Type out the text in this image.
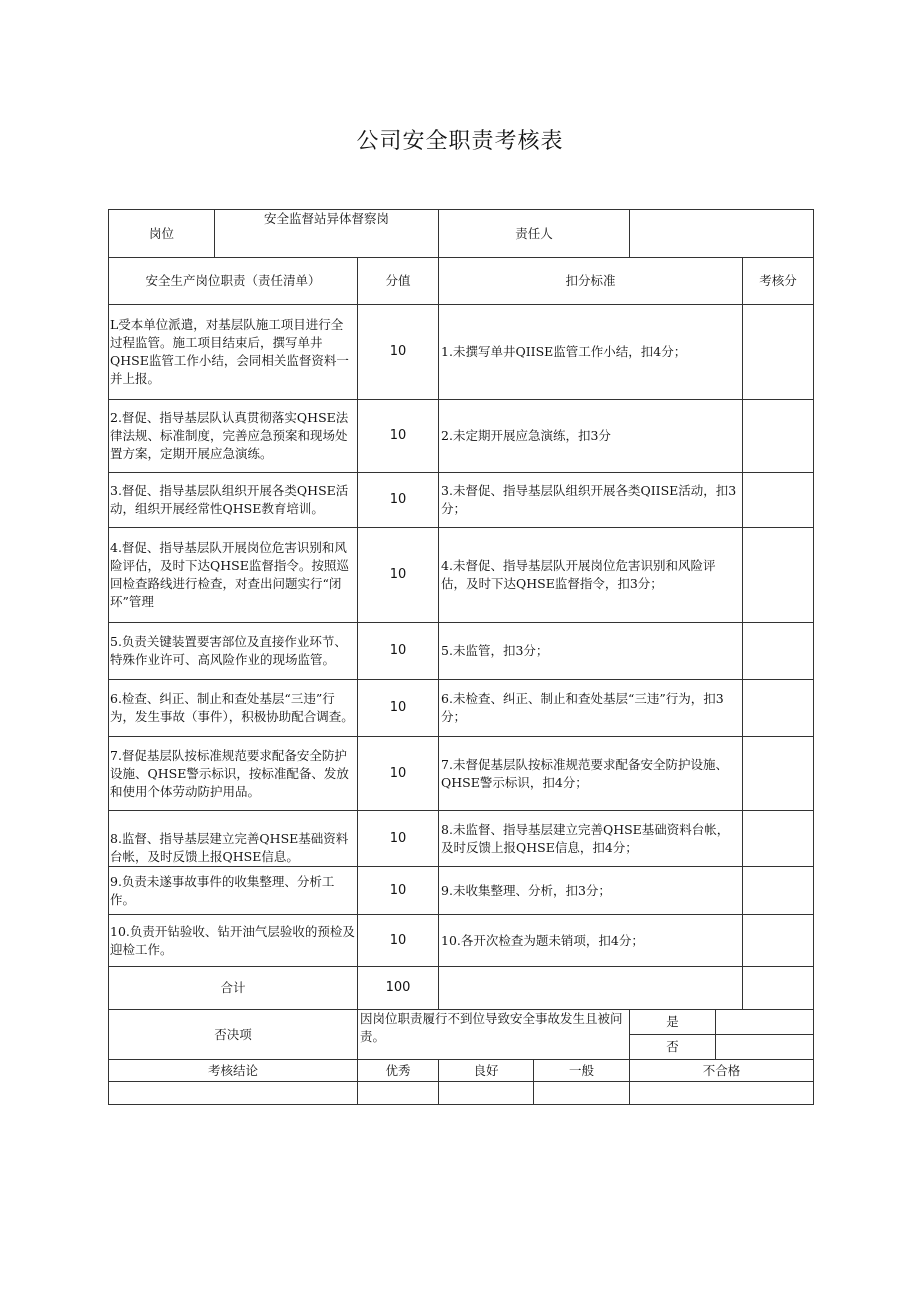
公司安全职责考核表
岗位	安全监督站异体督察岗		责任人				
安全生产岗位职责（责任清单）		分值	扣分标准				考核分
L受本单位派遣，对基层队施工项目进行全过程监管。施工项目结束后，撰写单井QHSE监管工作小结，会同相关监督资料一并上报。		10	1.未撰写单井QIISE监管工作小结，扣4分；				
2.督促、指导基层队认真贯彻落实QHSE法律法规、标准制度，完善应急预案和现场处置方案，定期开展应急演练。		10	2.未定期开展应急演练，扣3分				
3.督促、指导基层队组织开展各类QHSE活动，组织开展经常性QHSE教育培训。		10	3.未督促、指导基层队组织开展各类QIISE活动，扣3分；				
4.督促、指导基层队开展岗位危害识别和风险评估，及时下达QHSE监督指令。按照巡回检查路线进行检查，对查出问题实行“闭环”管理		10	4.未督促、指导基层队开展岗位危害识别和风险评估，及时下达QHSE监督指令，扣3分；				
5.负责关键装置要害部位及直接作业环节、特殊作业许可、高风险作业的现场监管。		10	5.未监管，扣3分；				
6.检查、纠正、制止和查处基层“三违”行为，发生事故（事件），积极协助配合调查。		10	6.未检查、纠正、制止和查处基层“三违”行为，扣3分；				
7.督促基层队按标准规范要求配备安全防护设施、QHSE警示标识，按标准配备、发放和使用个体劳动防护用品。		10	7.未督促基层队按标准规范要求配备安全防护设施、QHSE警示标识，扣4分；				
8.监督、指导基层建立完善QHSE基础资料台帐，及时反馈上报QHSE信息。		10	8.未监督、指导基层建立完善QHSE基础资料台帐，及时反馈上报QHSE信息，扣4分；				
9.负责未遂事故事件的收集整理、分析工作。		10	9.未收集整理、分析，扣3分；				
10.负责开钻验收、钻开油气层验收的预检及迎检工作。		10	10.各开次检查为题未销项，扣4分；				
合计		100					
否决项		因岗位职责履行不到位导致安全事故发生且被问责。			是		
					否		
考核结论		优秀	良好	一般	不合格		
